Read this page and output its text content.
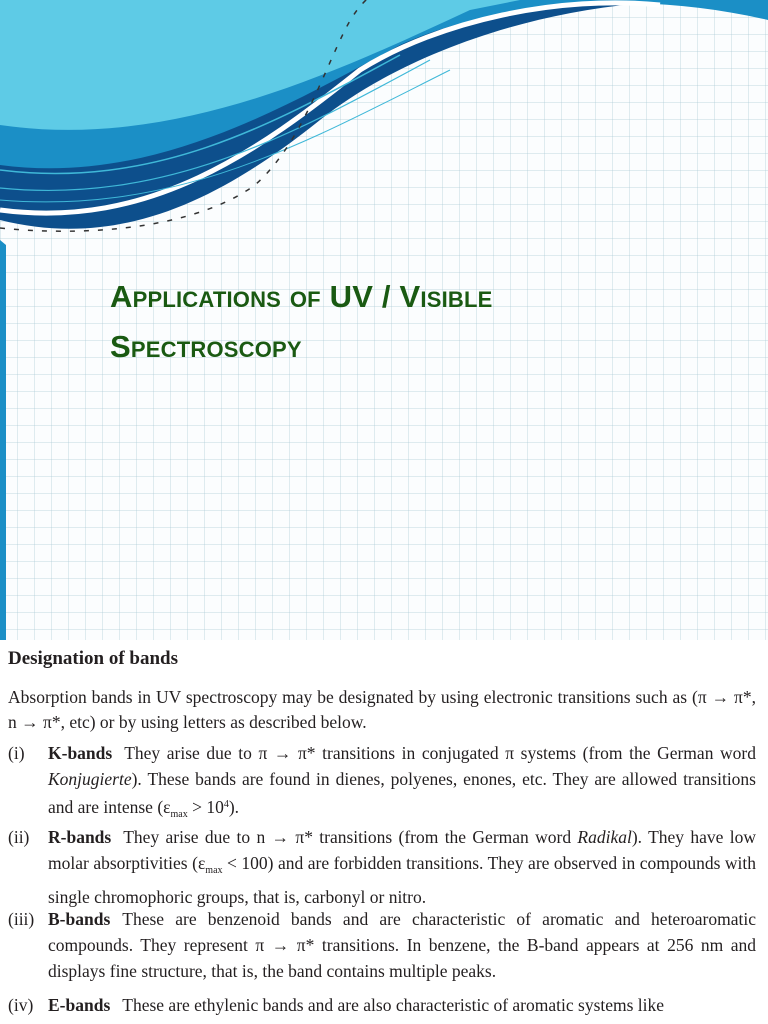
Applications of UV / Visible
Spectroscopy
Designation of bands

Absorption bands in UV spectroscopy may be designated by using electronic transitions such as (π → π*, n → π*, etc) or by using letters as described below.

(i) K-bands They arise due to π → π* transitions in conjugated π systems (from the German word Konjugierte). These bands are found in dienes, polyenes, enones, etc. They are allowed transitions and are intense $(\varepsilon_{max} > 10^4)$.
(ii) R-bands They arise due to n → π* transitions (from the German word Radikal). They have low molar absorptivities $(\varepsilon_{max} < 100)$ and are forbidden transitions. They are observed in compounds with single chromophoric groups, that is, carbonyl or nitro.
(iii) B-bands These are benzenoid bands and are characteristic of aromatic and heteroaromatic compounds. They represent π → π* transitions. In benzene, the B-band appears at 256 nm and displays fine structure, that is, the band contains multiple peaks.
(iv) E-bands These are ethylenic bands and are also characteristic of aromatic systems like
